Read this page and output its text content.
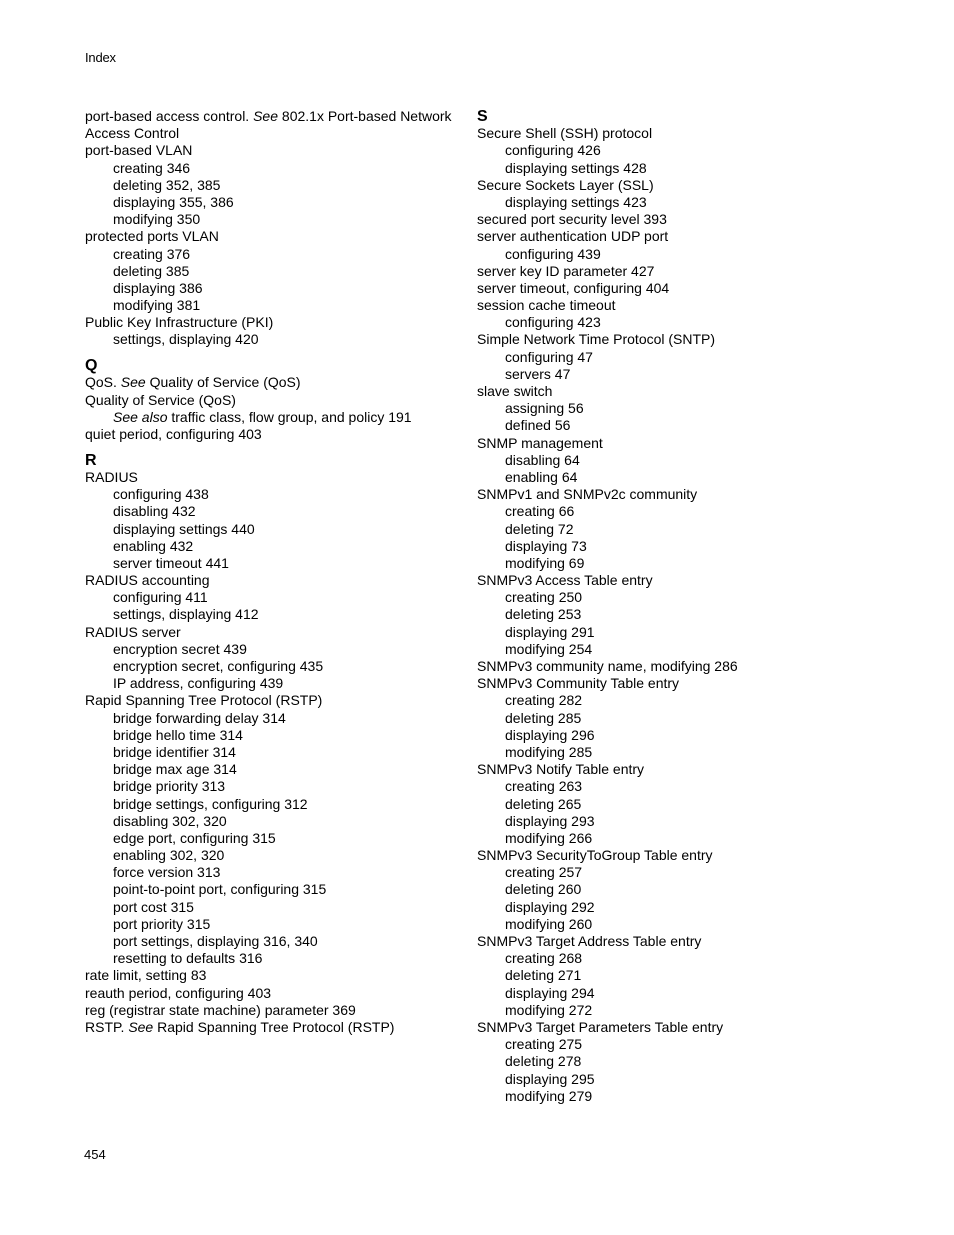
Index
port-based access control. See 802.1x Port-based Network
Access Control
port-based VLAN
creating 346
deleting 352, 385
displaying 355, 386
modifying 350
protected ports VLAN
creating 376
deleting 385
displaying 386
modifying 381
Public Key Infrastructure (PKI)
settings, displaying 420
Q
QoS. See Quality of Service (QoS)
Quality of Service (QoS)
See also traffic class, flow group, and policy 191
quiet period, configuring 403
R
RADIUS
configuring 438
disabling 432
displaying settings 440
enabling 432
server timeout 441
RADIUS accounting
configuring 411
settings, displaying 412
RADIUS server
encryption secret 439
encryption secret, configuring 435
IP address, configuring 439
Rapid Spanning Tree Protocol (RSTP)
bridge forwarding delay 314
bridge hello time 314
bridge identifier 314
bridge max age 314
bridge priority 313
bridge settings, configuring 312
disabling 302, 320
edge port, configuring 315
enabling 302, 320
force version 313
point-to-point port, configuring 315
port cost 315
port priority 315
port settings, displaying 316, 340
resetting to defaults 316
rate limit, setting 83
reauth period, configuring 403
reg (registrar state machine) parameter 369
RSTP. See Rapid Spanning Tree Protocol (RSTP)
S
Secure Shell (SSH) protocol
configuring 426
displaying settings 428
Secure Sockets Layer (SSL)
displaying settings 423
secured port security level 393
server authentication UDP port
configuring 439
server key ID parameter 427
server timeout, configuring 404
session cache timeout
configuring 423
Simple Network Time Protocol (SNTP)
configuring 47
servers 47
slave switch
assigning 56
defined 56
SNMP management
disabling 64
enabling 64
SNMPv1 and SNMPv2c community
creating 66
deleting 72
displaying 73
modifying 69
SNMPv3 Access Table entry
creating 250
deleting 253
displaying 291
modifying 254
SNMPv3 community name, modifying 286
SNMPv3 Community Table entry
creating 282
deleting 285
displaying 296
modifying 285
SNMPv3 Notify Table entry
creating 263
deleting 265
displaying 293
modifying 266
SNMPv3 SecurityToGroup Table entry
creating 257
deleting 260
displaying 292
modifying 260
SNMPv3 Target Address Table entry
creating 268
deleting 271
displaying 294
modifying 272
SNMPv3 Target Parameters Table entry
creating 275
deleting 278
displaying 295
modifying 279
454
